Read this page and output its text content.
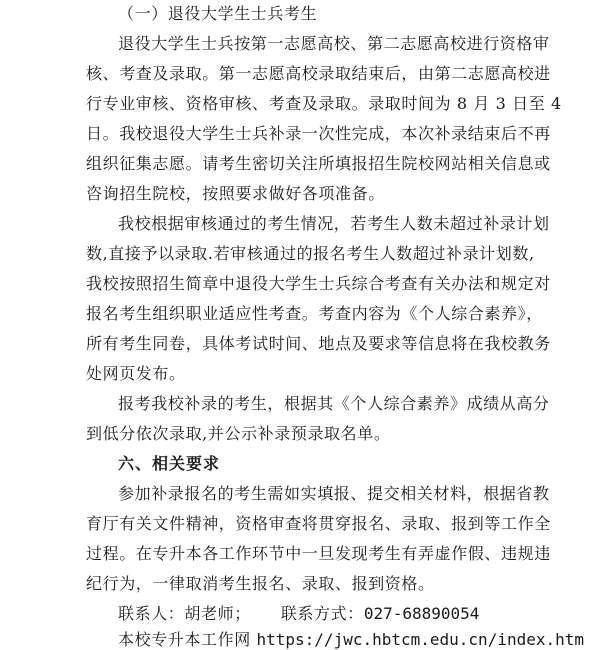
（一）退役大学生士兵考生
退役大学生士兵按第一志愿高校、第二志愿高校进行资格审
核、考查及录取。第一志愿高校录取结束后，由第二志愿高校进
行专业审核、资格审核、考查及录取。录取时间为 8 月 3 日至 4
日。我校退役大学生士兵补录一次性完成，本次补录结束后不再
组织征集志愿。请考生密切关注所填报招生院校网站相关信息或
咨询招生院校，按照要求做好各项准备。
我校根据审核通过的考生情况，若考生人数未超过补录计划
数,直接予以录取.若审核通过的报名考生人数超过补录计划数,
我校按照招生简章中退役大学生士兵综合考查有关办法和规定对
报名考生组织职业适应性考查。考查内容为《个人综合素养》，
所有考生同卷，具体考试时间、地点及要求等信息将在我校教务
处网页发布。
报考我校补录的考生，根据其《个人综合素养》成绩从高分
到低分依次录取,并公示补录预录取名单。
六、相关要求
参加补录报名的考生需如实填报、提交相关材料，根据省教
育厅有关文件精神，资格审查将贯穿报名、录取、报到等工作全
过程。在专升本各工作环节中一旦发现考生有弄虚作假、违规违
纪行为，一律取消考生报名、录取、报到资格。
联系人：胡老师； 联系方式：027-68890054
本校专升本工作网 https://jwc.hbtcm.edu.cn/index.htm
